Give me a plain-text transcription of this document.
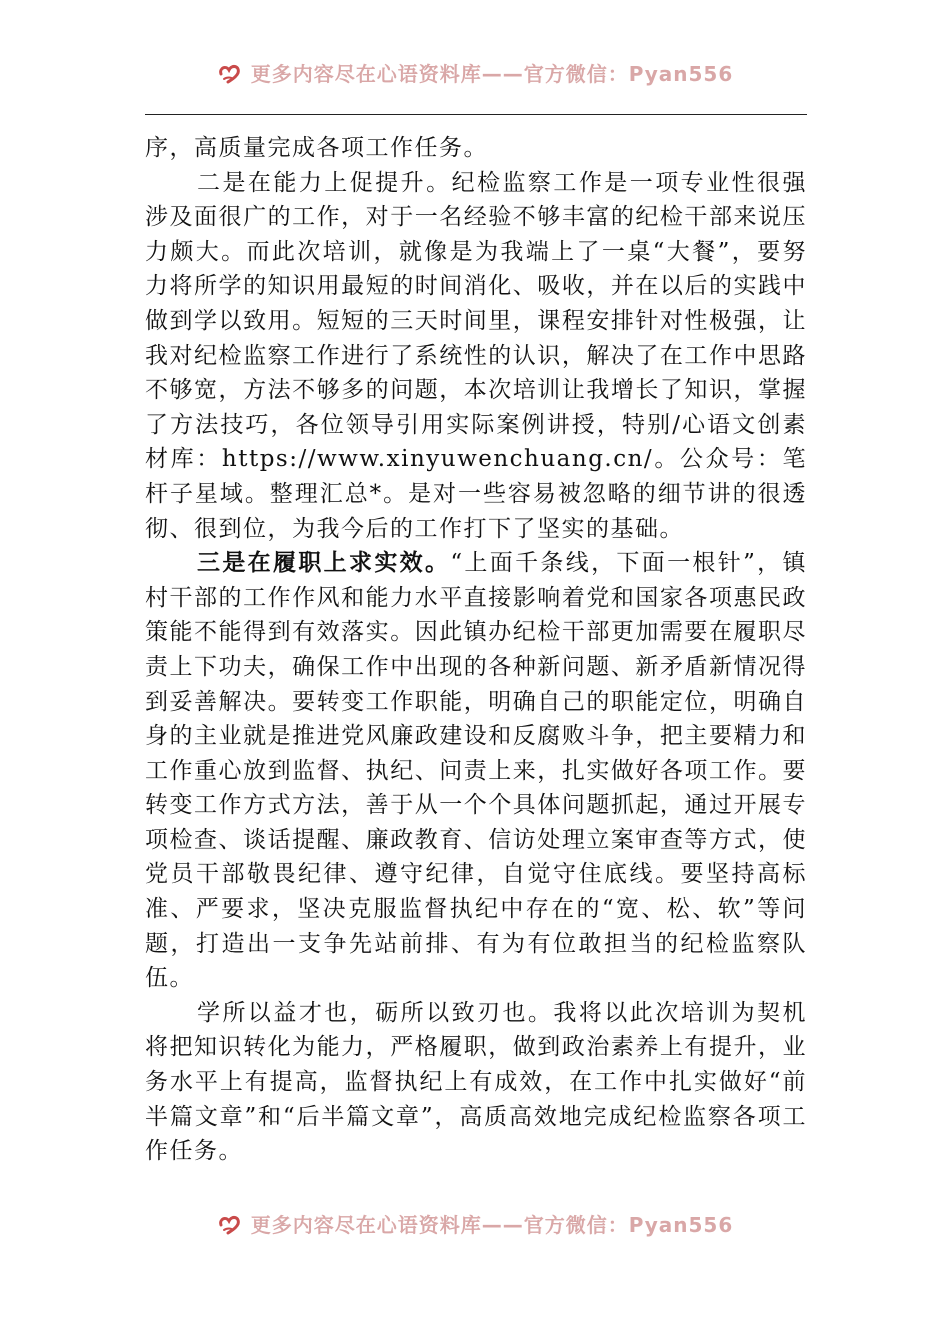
更多内容尽在心语资料库——官方微信：Pyan556

序，高质量完成各项工作任务。

二是在能力上促提升。纪检监察工作是一项专业性很强涉及面很广的工作，对于一名经验不够丰富的纪检干部来说压力颇大。而此次培训，就像是为我端上了一桌“大餐”，要努力将所学的知识用最短的时间消化、吸收，并在以后的实践中做到学以致用。短短的三天时间里，课程安排针对性极强，让我对纪检监察工作进行了系统性的认识，解决了在工作中思路不够宽，方法不够多的问题，本次培训让我增长了知识，掌握了方法技巧，各位领导引用实际案例讲授，特别/心语文创素材库：https://www.xinyuwenchuang.cn/。公众号：笔杆子星域。整理汇总*。是对一些容易被忽略的细节讲的很透彻、很到位，为我今后的工作打下了坚实的基础。

三是在履职上求实效。“上面千条线，下面一根针”，镇村干部的工作作风和能力水平直接影响着党和国家各项惠民政策能不能得到有效落实。因此镇办纪检干部更加需要在履职尽责上下功夫，确保工作中出现的各种新问题、新矛盾新情况得到妥善解决。要转变工作职能，明确自己的职能定位，明确自身的主业就是推进党风廉政建设和反腐败斗争，把主要精力和工作重心放到监督、执纪、问责上来，扎实做好各项工作。要转变工作方式方法，善于从一个个具体问题抓起，通过开展专项检查、谈话提醒、廉政教育、信访处理立案审查等方式，使党员干部敬畏纪律、遵守纪律，自觉守住底线。要坚持高标准、严要求，坚决克服监督执纪中存在的“宽、松、软”等问题，打造出一支争先站前排、有为有位敢担当的纪检监察队伍。

学所以益才也，砺所以致刃也。我将以此次培训为契机将把知识转化为能力，严格履职，做到政治素养上有提升，业务水平上有提高，监督执纪上有成效，在工作中扎实做好“前半篇文章”和“后半篇文章”，高质高效地完成纪检监察各项工作任务。

更多内容尽在心语资料库——官方微信：Pyan556
